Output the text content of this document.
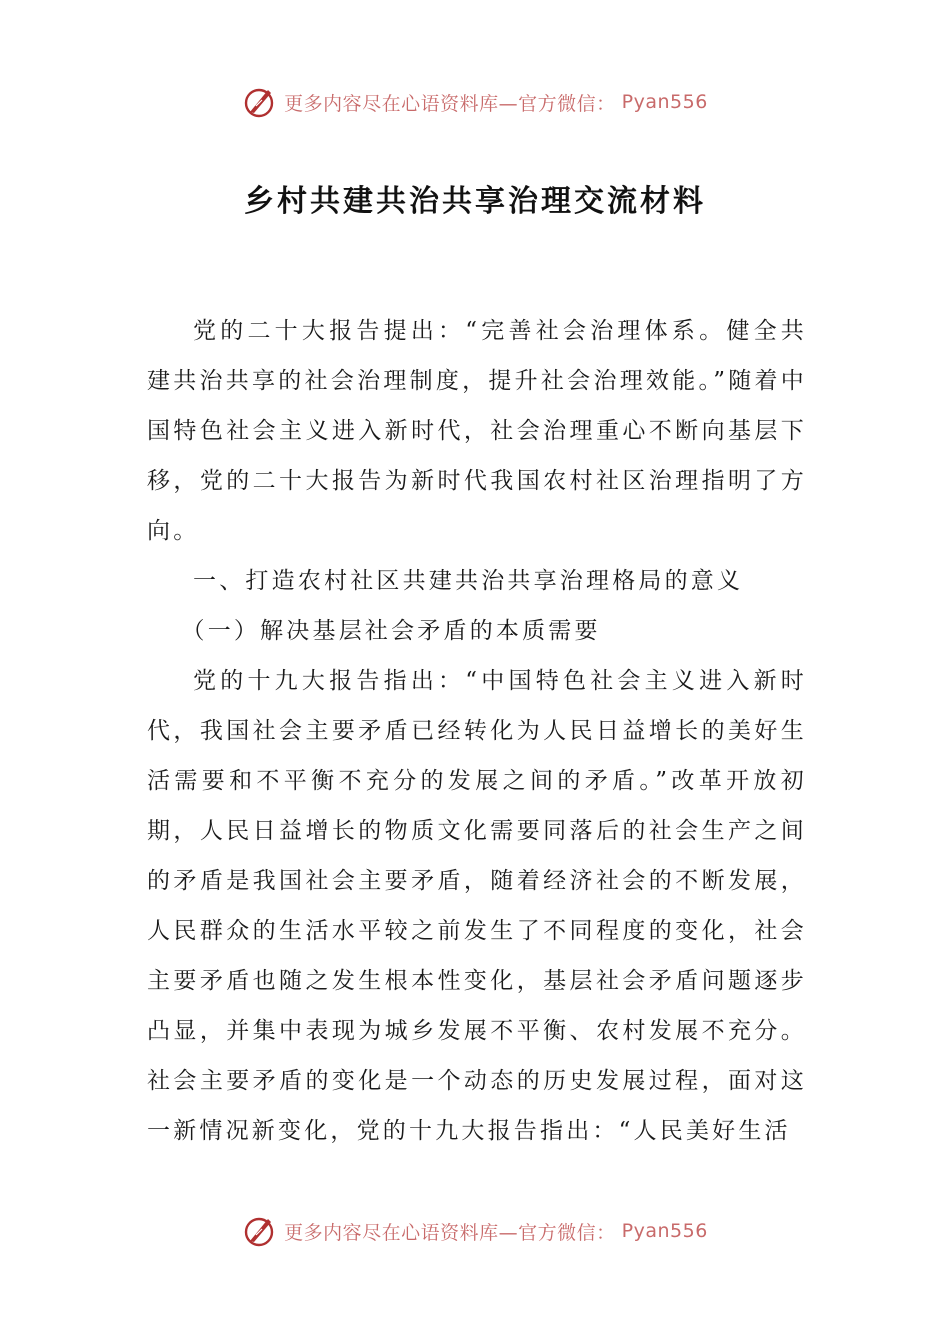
更多内容尽在心语资料库—官方微信： Pyan556
乡村共建共治共享治理交流材料

党的二十大报告提出：“完善社会治理体系。健全共建共治共享的社会治理制度，提升社会治理效能。”随着中国特色社会主义进入新时代，社会治理重心不断向基层下移，党的二十大报告为新时代我国农村社区治理指明了方向。

一、打造农村社区共建共治共享治理格局的意义

（一）解决基层社会矛盾的本质需要

党的十九大报告指出：“中国特色社会主义进入新时代，我国社会主要矛盾已经转化为人民日益增长的美好生活需要和不平衡不充分的发展之间的矛盾。”改革开放初期，人民日益增长的物质文化需要同落后的社会生产之间的矛盾是我国社会主要矛盾，随着经济社会的不断发展，人民群众的生活水平较之前发生了不同程度的变化，社会主要矛盾也随之发生根本性变化，基层社会矛盾问题逐步凸显，并集中表现为城乡发展不平衡、农村发展不充分。社会主要矛盾的变化是一个动态的历史发展过程，面对这一新情况新变化，党的十九大报告指出：“人民美好生活

更多内容尽在心语资料库—官方微信： Pyan556
